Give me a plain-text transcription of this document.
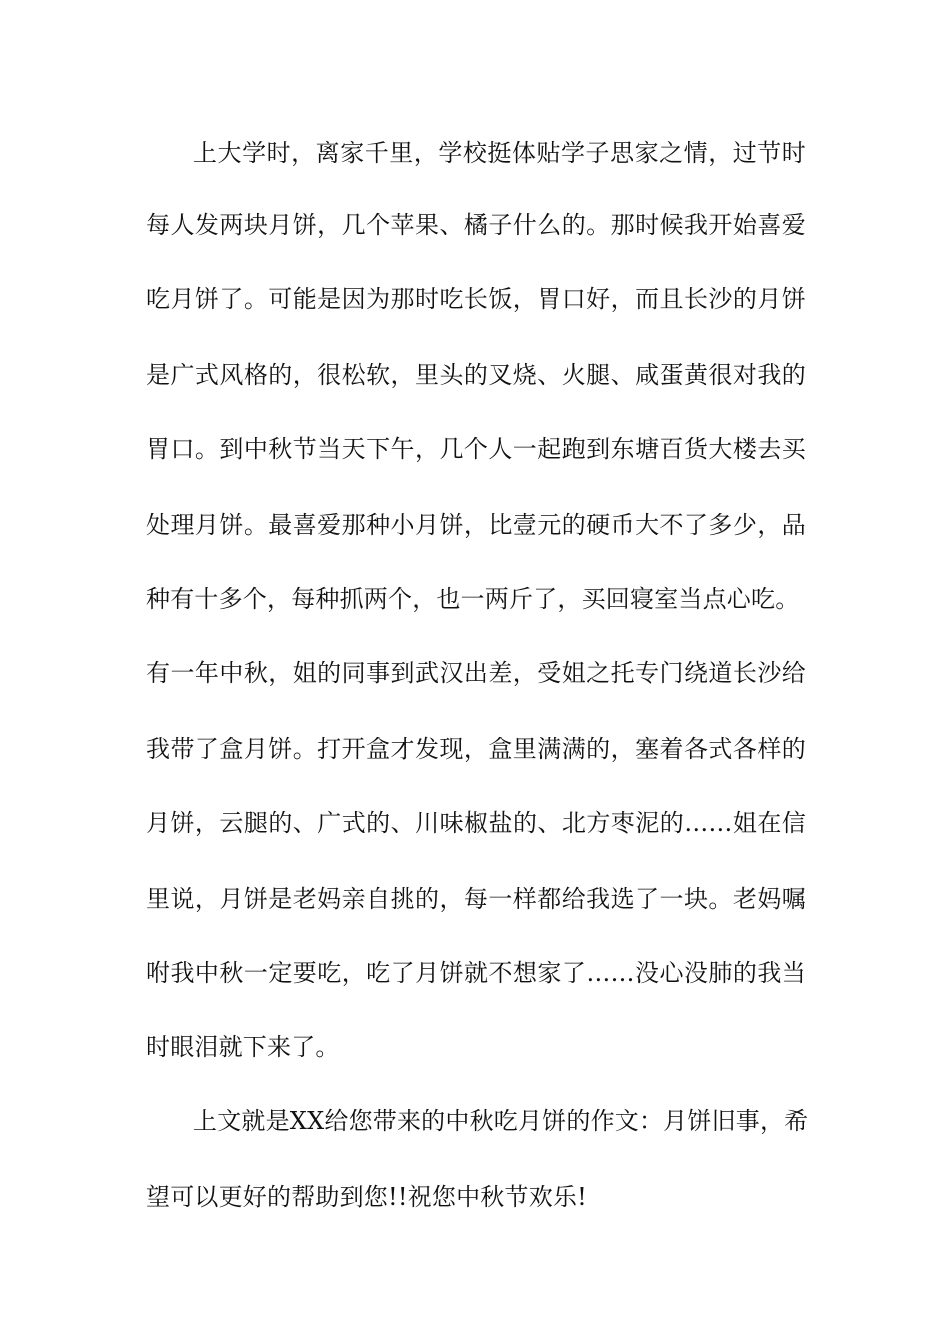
上大学时，离家千里，学校挺体贴学子思家之情，过节时
每人发两块月饼，几个苹果、橘子什么的。那时候我开始喜爱
吃月饼了。可能是因为那时吃长饭，胃口好，而且长沙的月饼
是广式风格的，很松软，里头的叉烧、火腿、咸蛋黄很对我的
胃口。到中秋节当天下午，几个人一起跑到东塘百货大楼去买
处理月饼。最喜爱那种小月饼，比壹元的硬币大不了多少，品
种有十多个，每种抓两个，也一两斤了，买回寝室当点心吃。
有一年中秋，姐的同事到武汉出差，受姐之托专门绕道长沙给
我带了盒月饼。打开盒才发现，盒里满满的，塞着各式各样的
月饼，云腿的、广式的、川味椒盐的、北方枣泥的……姐在信
里说，月饼是老妈亲自挑的，每一样都给我选了一块。老妈嘱
咐我中秋一定要吃，吃了月饼就不想家了……没心没肺的我当
时眼泪就下来了。
上文就是XX给您带来的中秋吃月饼的作文：月饼旧事，希
望可以更好的帮助到您!!祝您中秋节欢乐!
